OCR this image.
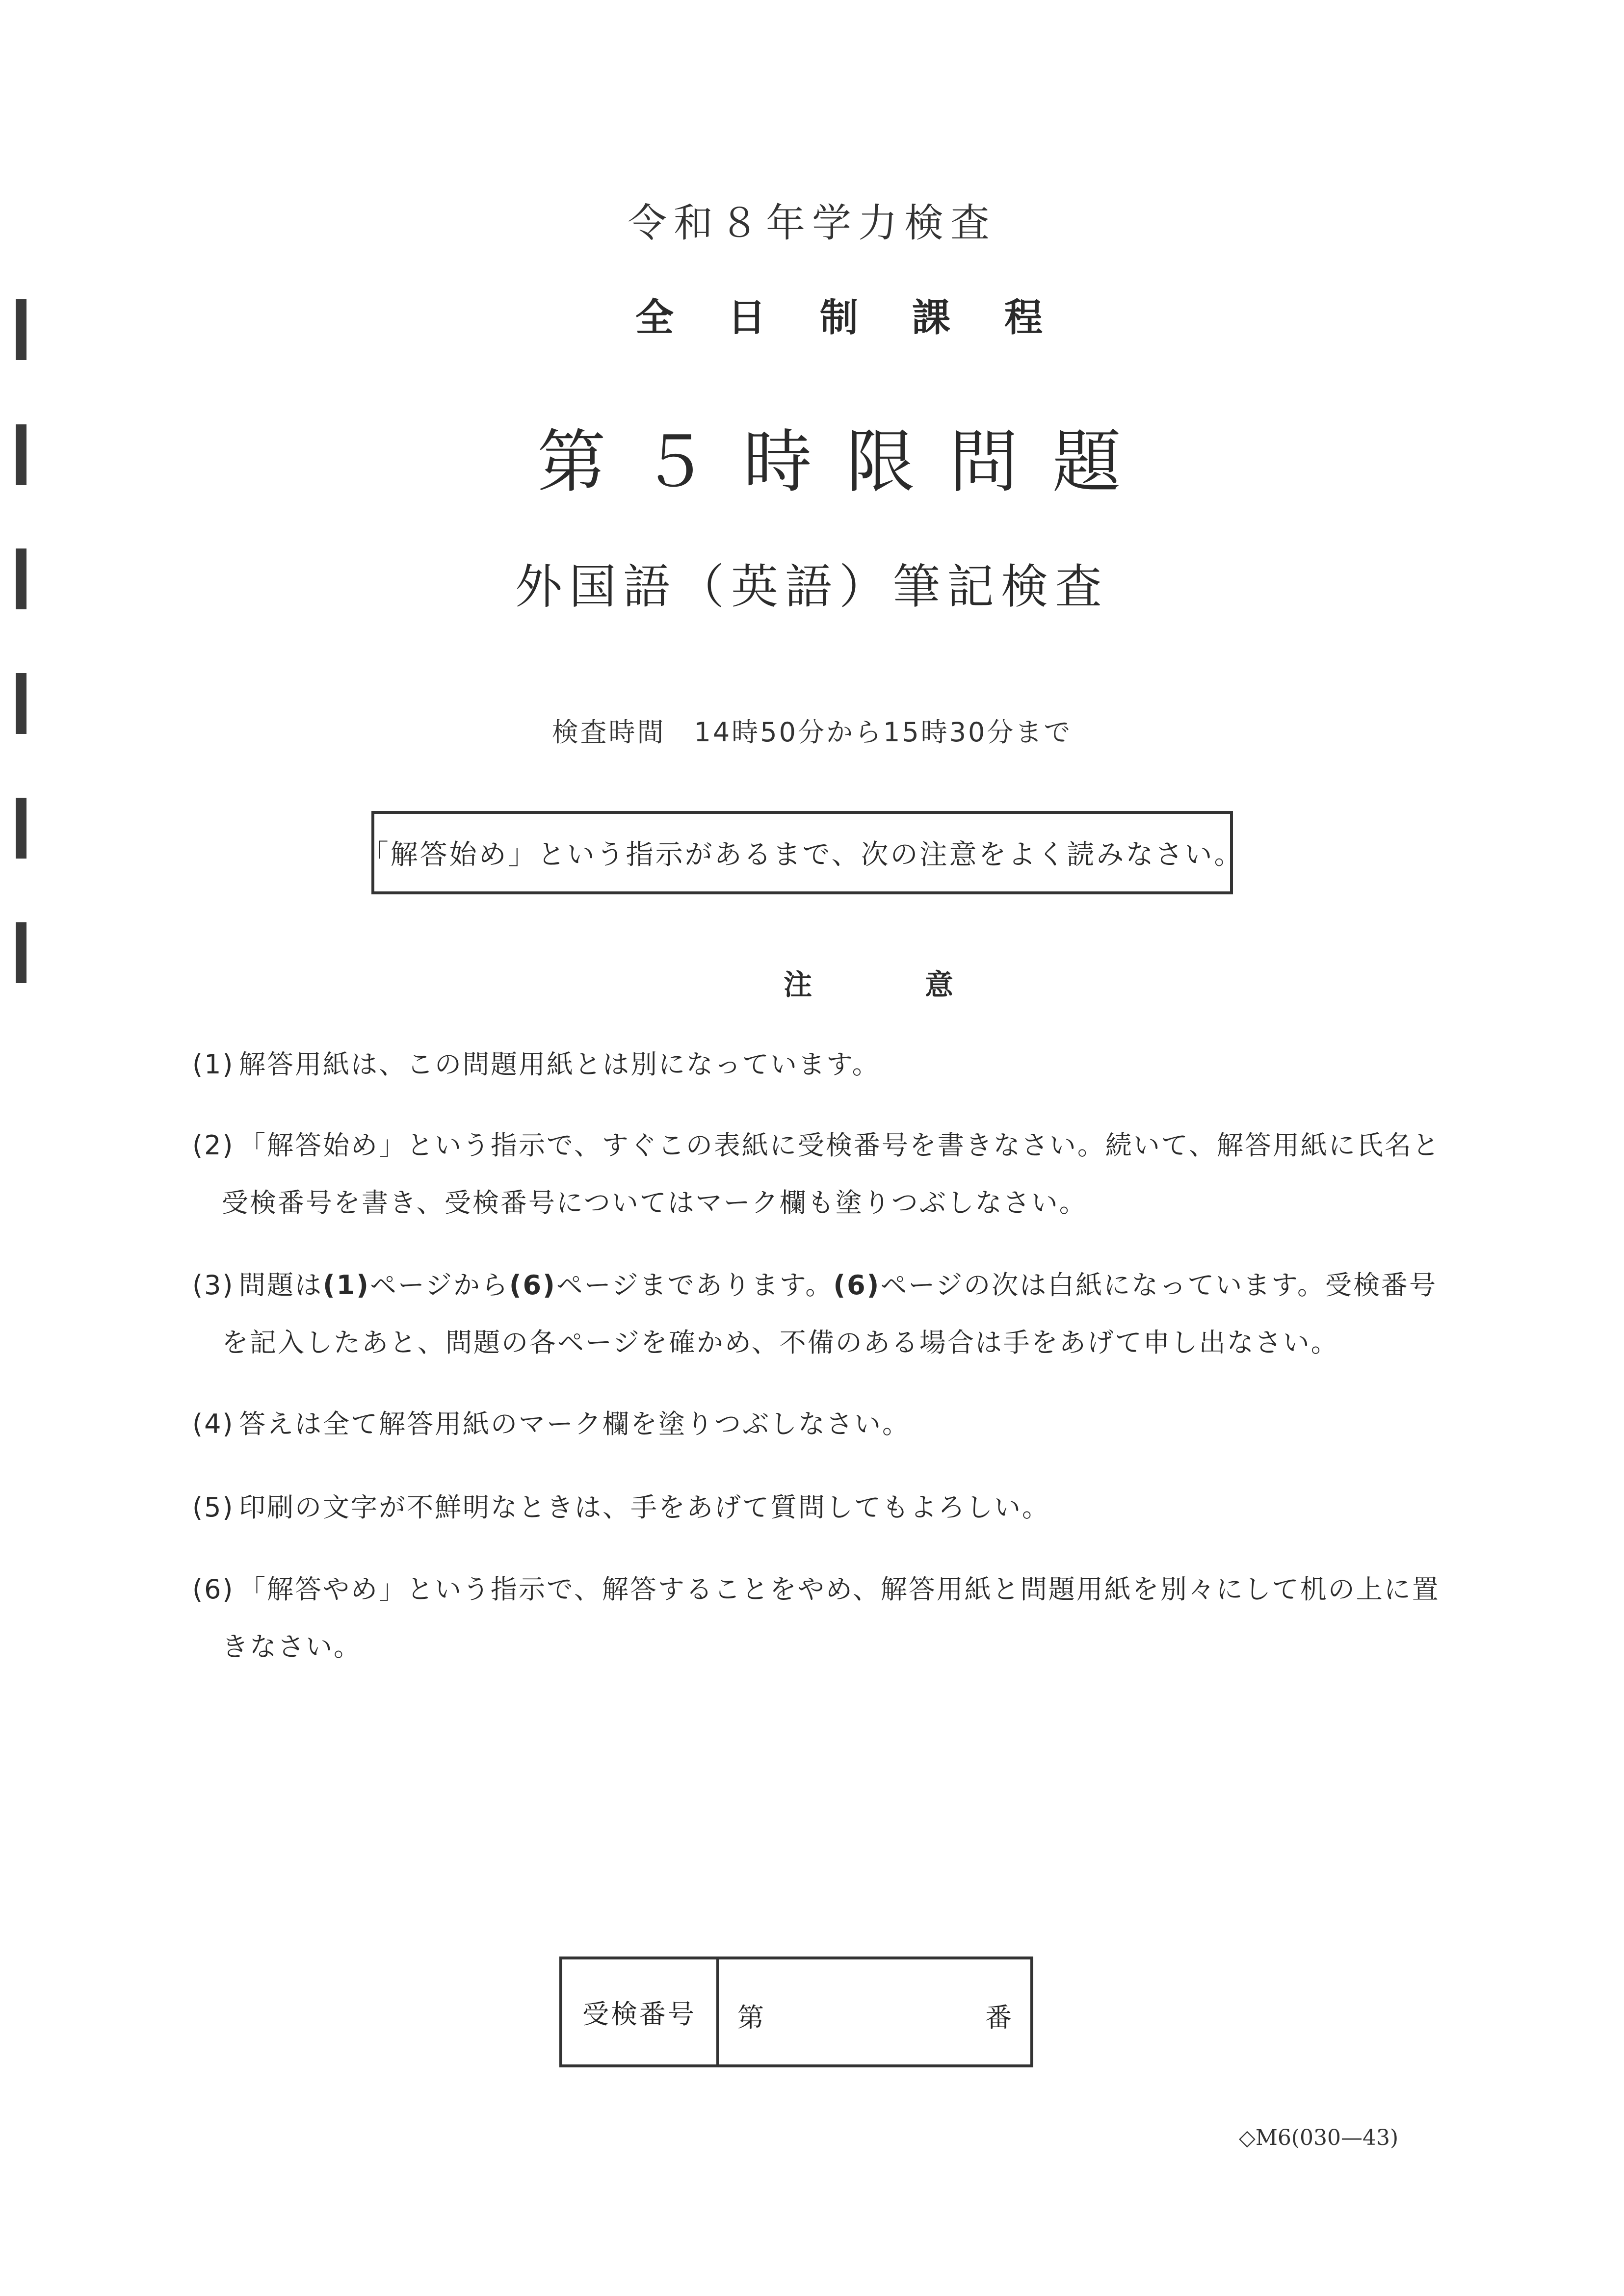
令和８年学力検査
全日制課程
第５時限問題
外国語（英語）筆記検査
検査時間　14時50分から15時30分まで
「解答始め」という指示があるまで、次の注意をよく読みなさい。
注意
(1) 解答用紙は、この問題用紙とは別になっています。
(2) 「解答始め」という指示で、すぐこの表紙に受検番号を書きなさい。続いて、解答用紙に氏名と
受検番号を書き、受検番号についてはマーク欄も塗りつぶしなさい。
(3) 問題は(1)ページから(6)ページまであります。(6)ページの次は白紙になっています。受検番号
を記入したあと、問題の各ページを確かめ、不備のある場合は手をあげて申し出なさい。
(4) 答えは全て解答用紙のマーク欄を塗りつぶしなさい。
(5) 印刷の文字が不鮮明なときは、手をあげて質問してもよろしい。
(6) 「解答やめ」という指示で、解答することをやめ、解答用紙と問題用紙を別々にして机の上に置
きなさい。
受検番号	第	番
◇M6(030—43)
